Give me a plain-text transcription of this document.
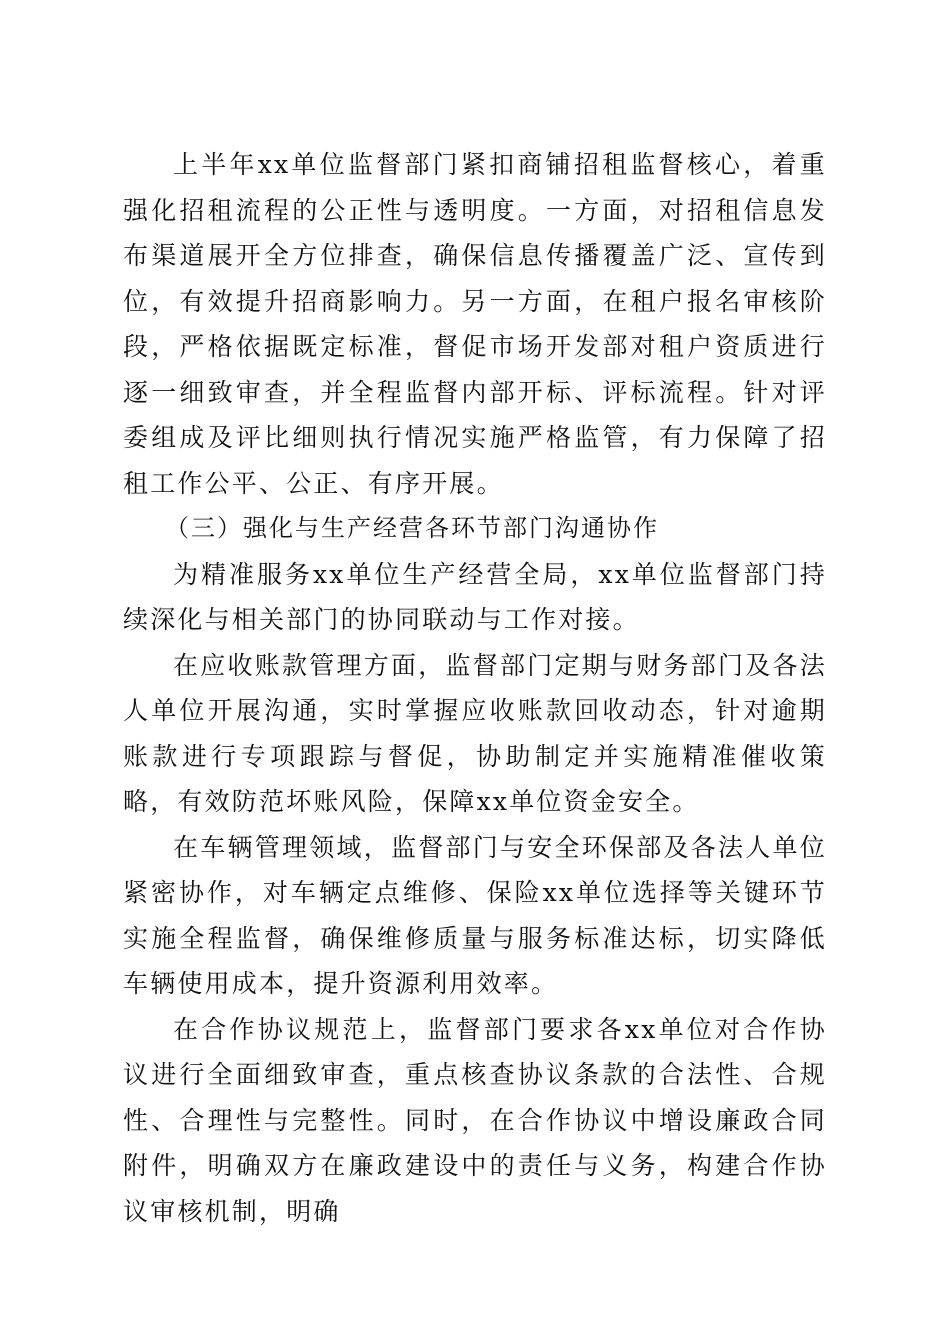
上半年xx单位监督部门紧扣商铺招租监督核心，着重强化招租流程的公正性与透明度。一方面，对招租信息发布渠道展开全方位排查，确保信息传播覆盖广泛、宣传到位，有效提升招商影响力。另一方面，在租户报名审核阶段，严格依据既定标准，督促市场开发部对租户资质进行逐一细致审查，并全程监督内部开标、评标流程。针对评委组成及评比细则执行情况实施严格监管，有力保障了招租工作公平、公正、有序开展。

（三）强化与生产经营各环节部门沟通协作

为精准服务xx单位生产经营全局，xx单位监督部门持续深化与相关部门的协同联动与工作对接。

在应收账款管理方面，监督部门定期与财务部门及各法人单位开展沟通，实时掌握应收账款回收动态，针对逾期账款进行专项跟踪与督促，协助制定并实施精准催收策略，有效防范坏账风险，保障xx单位资金安全。

在车辆管理领域，监督部门与安全环保部及各法人单位紧密协作，对车辆定点维修、保险xx单位选择等关键环节实施全程监督，确保维修质量与服务标准达标，切实降低车辆使用成本，提升资源利用效率。

在合作协议规范上，监督部门要求各xx单位对合作协议进行全面细致审查，重点核查协议条款的合法性、合规性、合理性与完整性。同时，在合作协议中增设廉政合同附件，明确双方在廉政建设中的责任与义务，构建合作协议审核机制，明确
